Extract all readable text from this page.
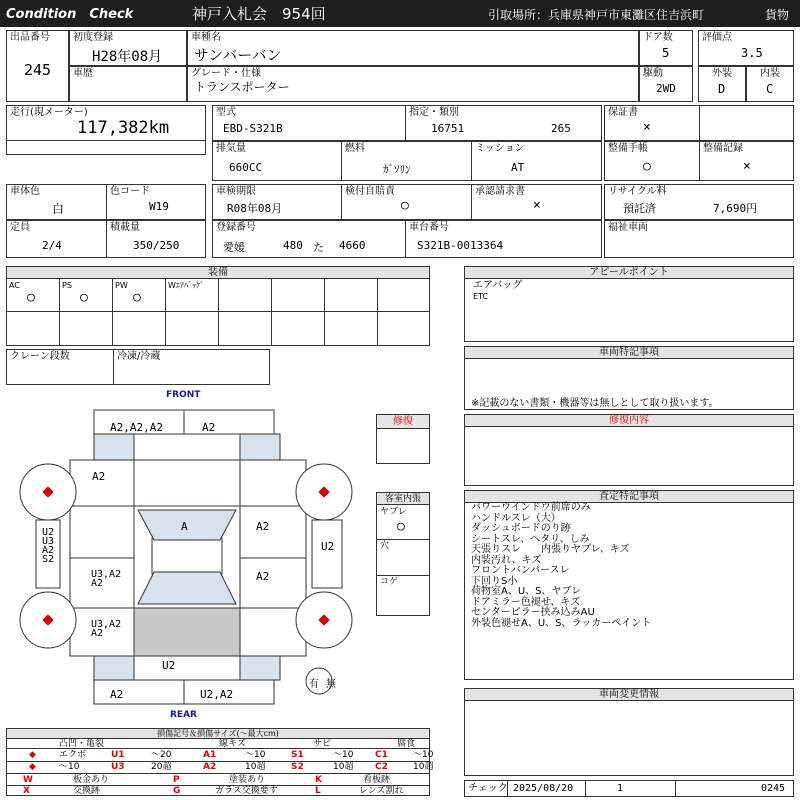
Condition　Check	神戸入札会　954回	引取場所：兵庫県神戸市東灘区住吉浜町	貨物
出品番号
245
初度登録
H28年08月
車歴
車種名
サンバーバン
グレード・仕様
トランスポーター
ドア数
5
評価点
3.5
駆動
2WD
外装
D
内装
C
走行(現メーター)
117,382km
型式
EBD-S321B
指定・類別
16751	265
保証書
×
排気量
660CC
燃料
ｶﾞｿﾘﾝ
ミッション
AT
整備手帳
○
整備記録
×
車体色
白
色コード
W19
車検期限
R08年08月
検付自賠責
○
承認請求書
×
リサイクル料
預託済	7,690円
定員
2/4
積載量
350/250
登録番号
愛媛	480 た 4660
車台番号
S321B-0013364
福祉車両
装備
AC
○
PS
○
PW
○
Wｴｱﾊﾞｯｸﾞ
クレーン段数	冷凍/冷蔵
アピールポイント
エアバッグ
ETC
車両特記事項
※記載のない書類・機器等は無しとして取り扱います。
修復内容
査定特記事項
パワーウインドウ前席のみ
ハンドルスレ（大）
ダッシュボードのり跡
シートスレ、ヘタリ、しみ
天張りスレ　　内張りヤブレ、キズ
内装汚れ、キズ
フロントバンパースレ
下回りS小
荷物室A、U、S、ヤブレ
ドアミラー色褪せ、キズ
センターピラー挟み込みAU
外装色褪せA、U、S、ラッカーペイント
車両変更情報
チェック 2025/08/20	1	0245
修復
客室内張
ヤブレ
○
穴
コゲ
FRONT
REAR
A2,A2,A2	A2
A2
A	A2
U2
U3
A2
S2
U2
U3,A2
A2
A2
U3,A2
A2
U2
A2	U2,A2
有 無
損傷記号＆損傷サイズ(〜最大cm)
凸凹・亀裂	線キズ	サビ	腐食
◆	エクボ	U1	〜20	A1	〜10	S1	〜10 C1	〜10
◆	〜10	U3	20超	A2	10超	S2	10超 C2	10超
W	板金あり	P	塗装あり	K	看板跡
X	交換跡	G	ガラス交換要す	L	レンズ割れ
